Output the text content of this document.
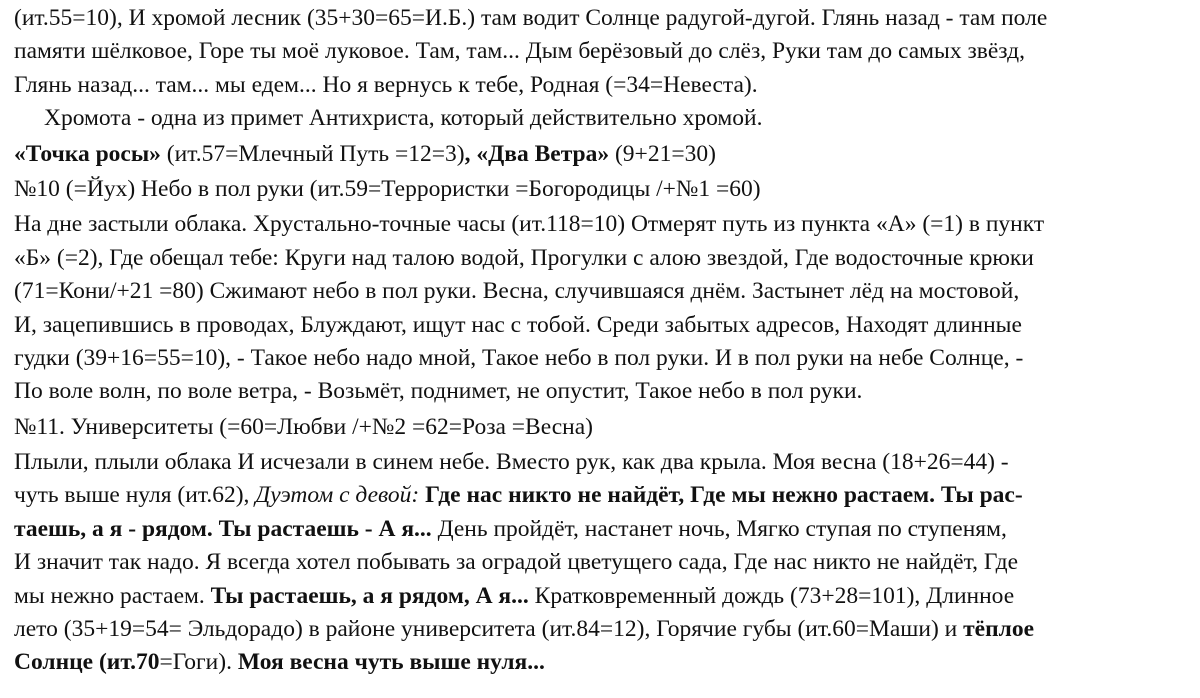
(ит.55=10), И хромой лесник (35+30=65=И.Б.) там водит Солнце радугой-дугой. Глянь назад - там поле
памяти шёлковое, Горе ты моё луковое. Там, там... Дым берёзовый до слёз, Руки там до самых звёзд,
Глянь назад... там... мы едем... Но я вернусь к тебе, Родная (=34=Невеста).
Хромота - одна из примет Антихриста, который действительно хромой.
«Точка росы» (ит.57=Млечный Путь =12=3), «Два Ветра» (9+21=30)
№10 (=Йух) Небо в пол руки (ит.59=Террористки =Богородицы /+№1 =60)
На дне застыли облака. Хрустально-точные часы (ит.118=10) Отмерят путь из пункта «А» (=1) в пункт
«Б» (=2), Где обещал тебе: Круги над талою водой, Прогулки с алою звездой, Где водосточные крюки
(71=Кони/+21 =80) Сжимают небо в пол руки. Весна, случившаяся днём. Застынет лёд на мостовой,
И, зацепившись в проводах, Блуждают, ищут нас с тобой. Среди забытых адресов, Находят длинные
гудки (39+16=55=10), - Такое небо надо мной, Такое небо в пол руки. И в пол руки на небе Солнце, -
По воле волн, по воле ветра, - Возьмёт, поднимет, не опустит, Такое небо в пол руки.
№11. Университеты (=60=Любви /+№2 =62=Роза =Весна)
Плыли, плыли облака И исчезали в синем небе. Вместо рук, как два крыла. Моя весна (18+26=44) -
чуть выше нуля (ит.62), Дуэтом с девой: Где нас никто не найдёт, Где мы нежно растаем. Ты рас-
таешь, а я - рядом. Ты растаешь - А я... День пройдёт, настанет ночь, Мягко ступая по ступеням,
И значит так надо. Я всегда хотел побывать за оградой цветущего сада, Где нас никто не найдёт, Где
мы нежно растаем. Ты растаешь, а я рядом, А я... Кратковременный дождь (73+28=101), Длинное
лето (35+19=54= Эльдорадо) в районе университета (ит.84=12), Горячие губы (ит.60=Маши) и тёплое
Солнце (ит.70=Гоги). Моя весна чуть выше нуля...
